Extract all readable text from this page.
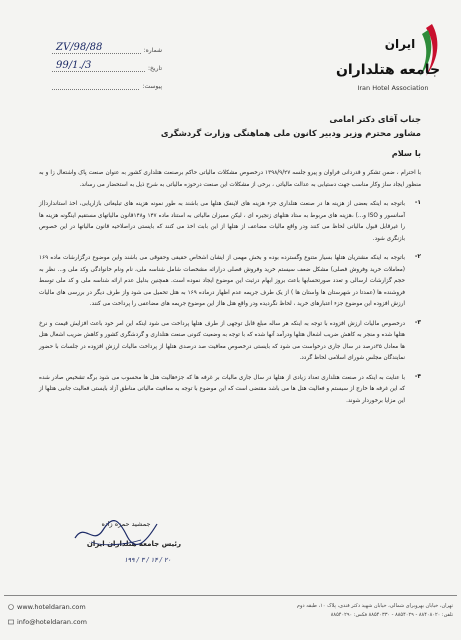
شماره:
ZV/98/88
تاریخ:
99/1./3
پیوست:
ایران
جامعه هتلداران
Iran Hotel Association
جناب آقای دکتر امامی
مشاور محترم وزیر ودبیر کانون ملی هماهنگی وزارت گردشگری
با سلام
با احترام ، ضمن تشکر و قدردانی فراوان و پیرو جلسه ۱۳۹۸/۹/۲۷ درخصوص مشکلات مالیاتی حاکم برصنعت هتلداری کشور به عنوان صنعت پاک واشتغال زا و به منظور ایجاد ساز وکار مناسب جهت دستیابی به عدالت مالیاتی ، برخی از مشکلات این صنعت درحوزه مالیاتی به شرح ذیل به استحضار می رساند.
۱-
باتوجه به اینکه بعضی از هزینه ها در صنعت هتلداری جزء هزینه های لاینفک هتلها می باشند به طور نمونه هزینه های تبلیغاتی بازاریابی، اخذ استاندارد(از آسانسور و ISO و...) ،هزینه های مربوط به ستاد هتلهای زنجیره ای ، لیکن ممیزان مالیاتی به استناد ماده ۱۴۷ و۱۴۸قانون مالیاتهای مستقیم اینگونه هزینه ها را غیرقابل قبول مالیاتی لحاظ می کنند ودر واقع مالیات مضاعف از هتلها از این بابت اخذ می کنند که بایستی دراصلاحیه قانون مالیاتها در این خصوص بازنگری شود.
۲-
باتوجه به اینکه مشتریان هتلها بسیار متنوع وگسترده بوده و بخش مهمی از ایشان اشخاص حقیقی وحقوقی می باشند واین موضوع درگزارشات ماده ۱۶۹ (معاملات خرید وفروش فصلی) مشکل ضعف سیستم خرید وفروش فصلی درارائه مشخصات شامل شناسه ملی، نام ونام خانوادگی وکد ملی و... نظر به حجم گزارشات ارسالی و تعدد صورتحسابها باعث بروز ابهام درثبت این موضوع ایجاد نموده است. همچنین بدلیل عدم ارائه شناسه ملی و کد ملی توسط فروشنده ها (عمدتا در شهرستان ها واستان ها ) از یک طرف جریمه عدم اظهار درماده ۱۶۹ به هتل تحمیل می شود واز طرف دیگر در بررسی های مالیات ارزش افزوده این موضوع جزء اعتبارهای خرید ، لحاظ نگردیده ودر واقع هتل هااز این موضوع جریمه های مضاعفی را پرداخت می کنند.
۳-
درخصوص مالیات ارزش افزوده با توجه به اینکه هر ساله مبلغ قابل توجهی از طرف هتلها پرداخت می شود اینکه این امر خود باعث افزایش قیمت و نرخ هتلها شده و منجر به کاهش ضریب اشغال هتلها ودرآمد آنها شده که با توجه به وضعیت کنونی صنعت هتلداری و گردشگری کشور و کاهش ضریب اشغال هتل ها معادل ۳۵درصد در سال جاری درخواست می شود که بایستی درخصوص معافیت صد درصدی هتلها از پرداخت مالیات ارزش افزوده در جلسات با حضور نمایندگان مجلس شورای اسلامی لحاظ گردد.
۴-
با عنایت به اینکه در صنعت هتلداری تعداد زیادی از هتلها در سال جاری مالیات بر غرفه ها که جزءهالیت هتل ها محسوب می شود برگه تشخیص صادر شده که این غرفه ها خارج از سیستم و فعالیت هتل ها می باشد مقتضی است که این موضوع با توجه به معافیت مالیاتی مناطق آزاد بایستی فعالیت جانبی هتلها از این مزایا برخوردار شوند.
جمشید حمزه زاده
رئیس جامعه هتلداران ایران
۲۰ / ۱۴ / ۳ / ۱۹۹
www.hoteldaran.com
info@hoteldaran.com
تهران، خیابان بهروبرای شمالی، خیابان شهید دکتر قندی، پلاک ۱۰، طبقه دوم
تلفن: ۸۸۴۰۸۰۲۰ - ۸۸۵۴۰۲۹ - ۸۸۵۴۰۳۳۰ فکس: ۸۸۵۴۰۲۹۰
